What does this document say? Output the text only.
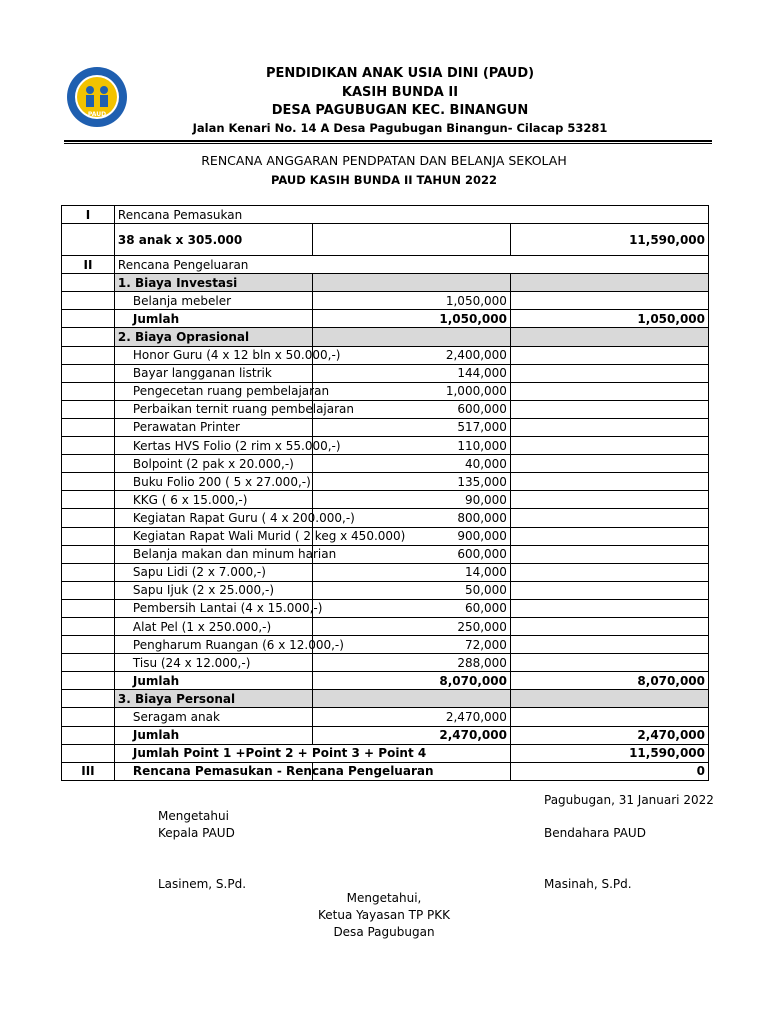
PAUD
PENDIDIKAN ANAK USIA DINI (PAUD)
KASIH BUNDA II
DESA PAGUBUGAN KEC. BINANGUN
Jalan Kenari No. 14 A Desa Pagubugan Binangun- Cilacap 53281
RENCANA ANGGARAN PENDPATAN DAN BELANJA SEKOLAH
PAUD KASIH BUNDA II TAHUN 2022
I	Rencana Pemasukan		
	38 anak x 305.000		11,590,000
II	Rencana Pengeluaran		
	1. Biaya Investasi		
	Belanja mebeler	1,050,000	
	Jumlah	1,050,000	1,050,000
	2. Biaya Oprasional		
	Honor Guru (4 x 12 bln x 50.000,-)	2,400,000	
	Bayar langganan listrik	144,000	
	Pengecetan ruang pembelajaran	1,000,000	
	Perbaikan ternit ruang pembelajaran	600,000	
	Perawatan Printer	517,000	
	Kertas HVS Folio (2 rim x 55.000,-)	110,000	
	Bolpoint (2 pak x 20.000,-)	40,000	
	Buku Folio 200 ( 5 x 27.000,-)	135,000	
	KKG ( 6 x 15.000,-)	90,000	
	Kegiatan Rapat Guru ( 4 x 200.000,-)	800,000	
	Kegiatan Rapat Wali Murid ( 2 keg x 450.000)	900,000	
	Belanja makan dan minum harian	600,000	
	Sapu Lidi (2 x 7.000,-)	14,000	
	Sapu Ijuk (2 x 25.000,-)	50,000	
	Pembersih Lantai (4 x 15.000,-)	60,000	
	Alat Pel (1 x 250.000,-)	250,000	
	Pengharum Ruangan (6 x 12.000,-)	72,000	
	Tisu (24 x 12.000,-)	288,000	
	Jumlah	8,070,000	8,070,000
	3. Biaya Personal		
	Seragam anak	2,470,000	
	Jumlah	2,470,000	2,470,000
	Jumlah Point 1 +Point 2 + Point 3 + Point 4		11,590,000
III	Rencana Pemasukan - Rencana Pengeluaran		0
Pagubugan, 31 Januari 2022
Mengetahui
Kepala PAUD	Bendahara PAUD
Lasinem, S.Pd.	Masinah, S.Pd.
Mengetahui,
Ketua Yayasan TP PKK
Desa Pagubugan
